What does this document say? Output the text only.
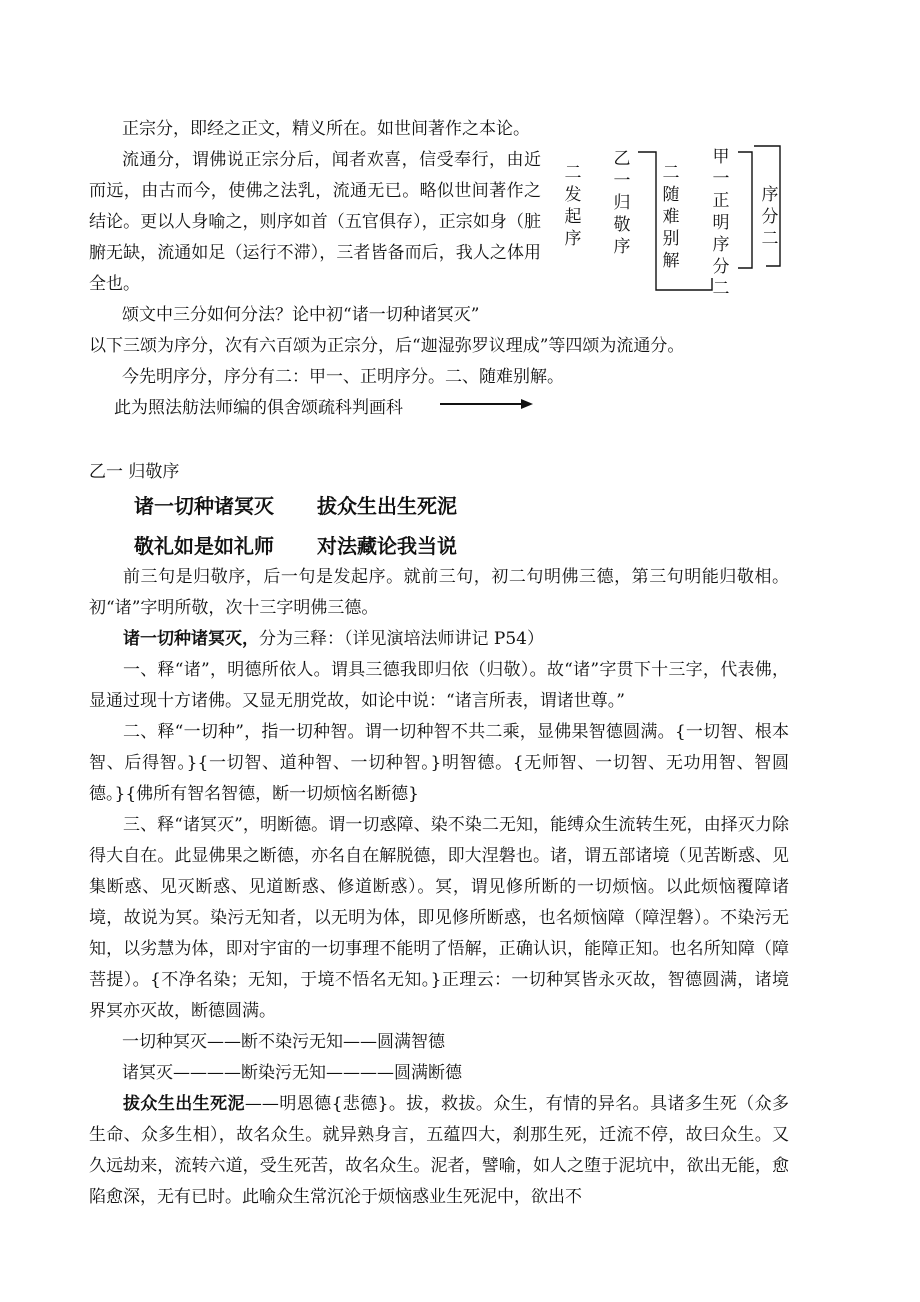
正宗分，即经之正文，精义所在。如世间著作之本论。

流通分，谓佛说正宗分后，闻者欢喜，信受奉行，由近而远，由古而今，使佛之法乳，流通无已。略似世间著作之结论。更以人身喻之，则序如首（五官俱存），正宗如身（脏腑无缺，流通如足（运行不滞），三者皆备而后，我人之体用全也。

颂文中三分如何分法？论中初“诸一切种诸冥灭”

以下三颂为序分，次有六百颂为正宗分，后“迦湿弥罗议理成”等四颂为流通分。

今先明序分，序分有二：甲一、正明序分。二、随难别解。

此为照法舫法师编的俱舍颂疏科判画科

二发起序
乙一归敬序
二随难别解
甲一正明序分二
序分二

乙一 归敬序

诸一切种诸冥灭 拔众生出生死泥

敬礼如是如礼师 对法藏论我当说

前三句是归敬序，后一句是发起序。就前三句，初二句明佛三德，第三句明能归敬相。初“诸”字明所敬，次十三字明佛三德。

诸一切种诸冥灭，分为三释：（详见演培法师讲记 P54）

一、释“诸”，明德所依人。谓具三德我即归依（归敬）。故“诸”字贯下十三字，代表佛，显通过现十方诸佛。又显无朋党故，如论中说：“诸言所表，谓诸世尊。”

二、释“一切种”，指一切种智。谓一切种智不共二乘，显佛果智德圆满。{一切智、根本智、后得智。}{一切智、道种智、一切种智。}明智德。{无师智、一切智、无功用智、智圆德。}{佛所有智名智德，断一切烦恼名断德}

三、释“诸冥灭”，明断德。谓一切惑障、染不染二无知，能缚众生流转生死，由择灭力除得大自在。此显佛果之断德，亦名自在解脱德，即大涅磐也。诸，谓五部诸境（见苦断惑、见集断惑、见灭断惑、见道断惑、修道断惑）。冥，谓见修所断的一切烦恼。以此烦恼覆障诸境，故说为冥。染污无知者，以无明为体，即见修所断惑，也名烦恼障（障涅磐）。不染污无知，以劣慧为体，即对宇宙的一切事理不能明了悟解，正确认识，能障正知。也名所知障（障菩提）。{不净名染；无知，于境不悟名无知。}正理云：一切种冥皆永灭故，智德圆满，诸境界冥亦灭故，断德圆满。

一切种冥灭——断不染污无知——圆满智德

诸冥灭————断染污无知————圆满断德

拔众生出生死泥——明恩德{悲德}。拔，救拔。众生，有情的异名。具诸多生死（众多生命、众多生相），故名众生。就异熟身言，五蕴四大，刹那生死，迁流不停，故曰众生。又久远劫来，流转六道，受生死苦，故名众生。泥者，譬喻，如人之堕于泥坑中，欲出无能，愈陷愈深，无有已时。此喻众生常沉沦于烦恼惑业生死泥中，欲出不
